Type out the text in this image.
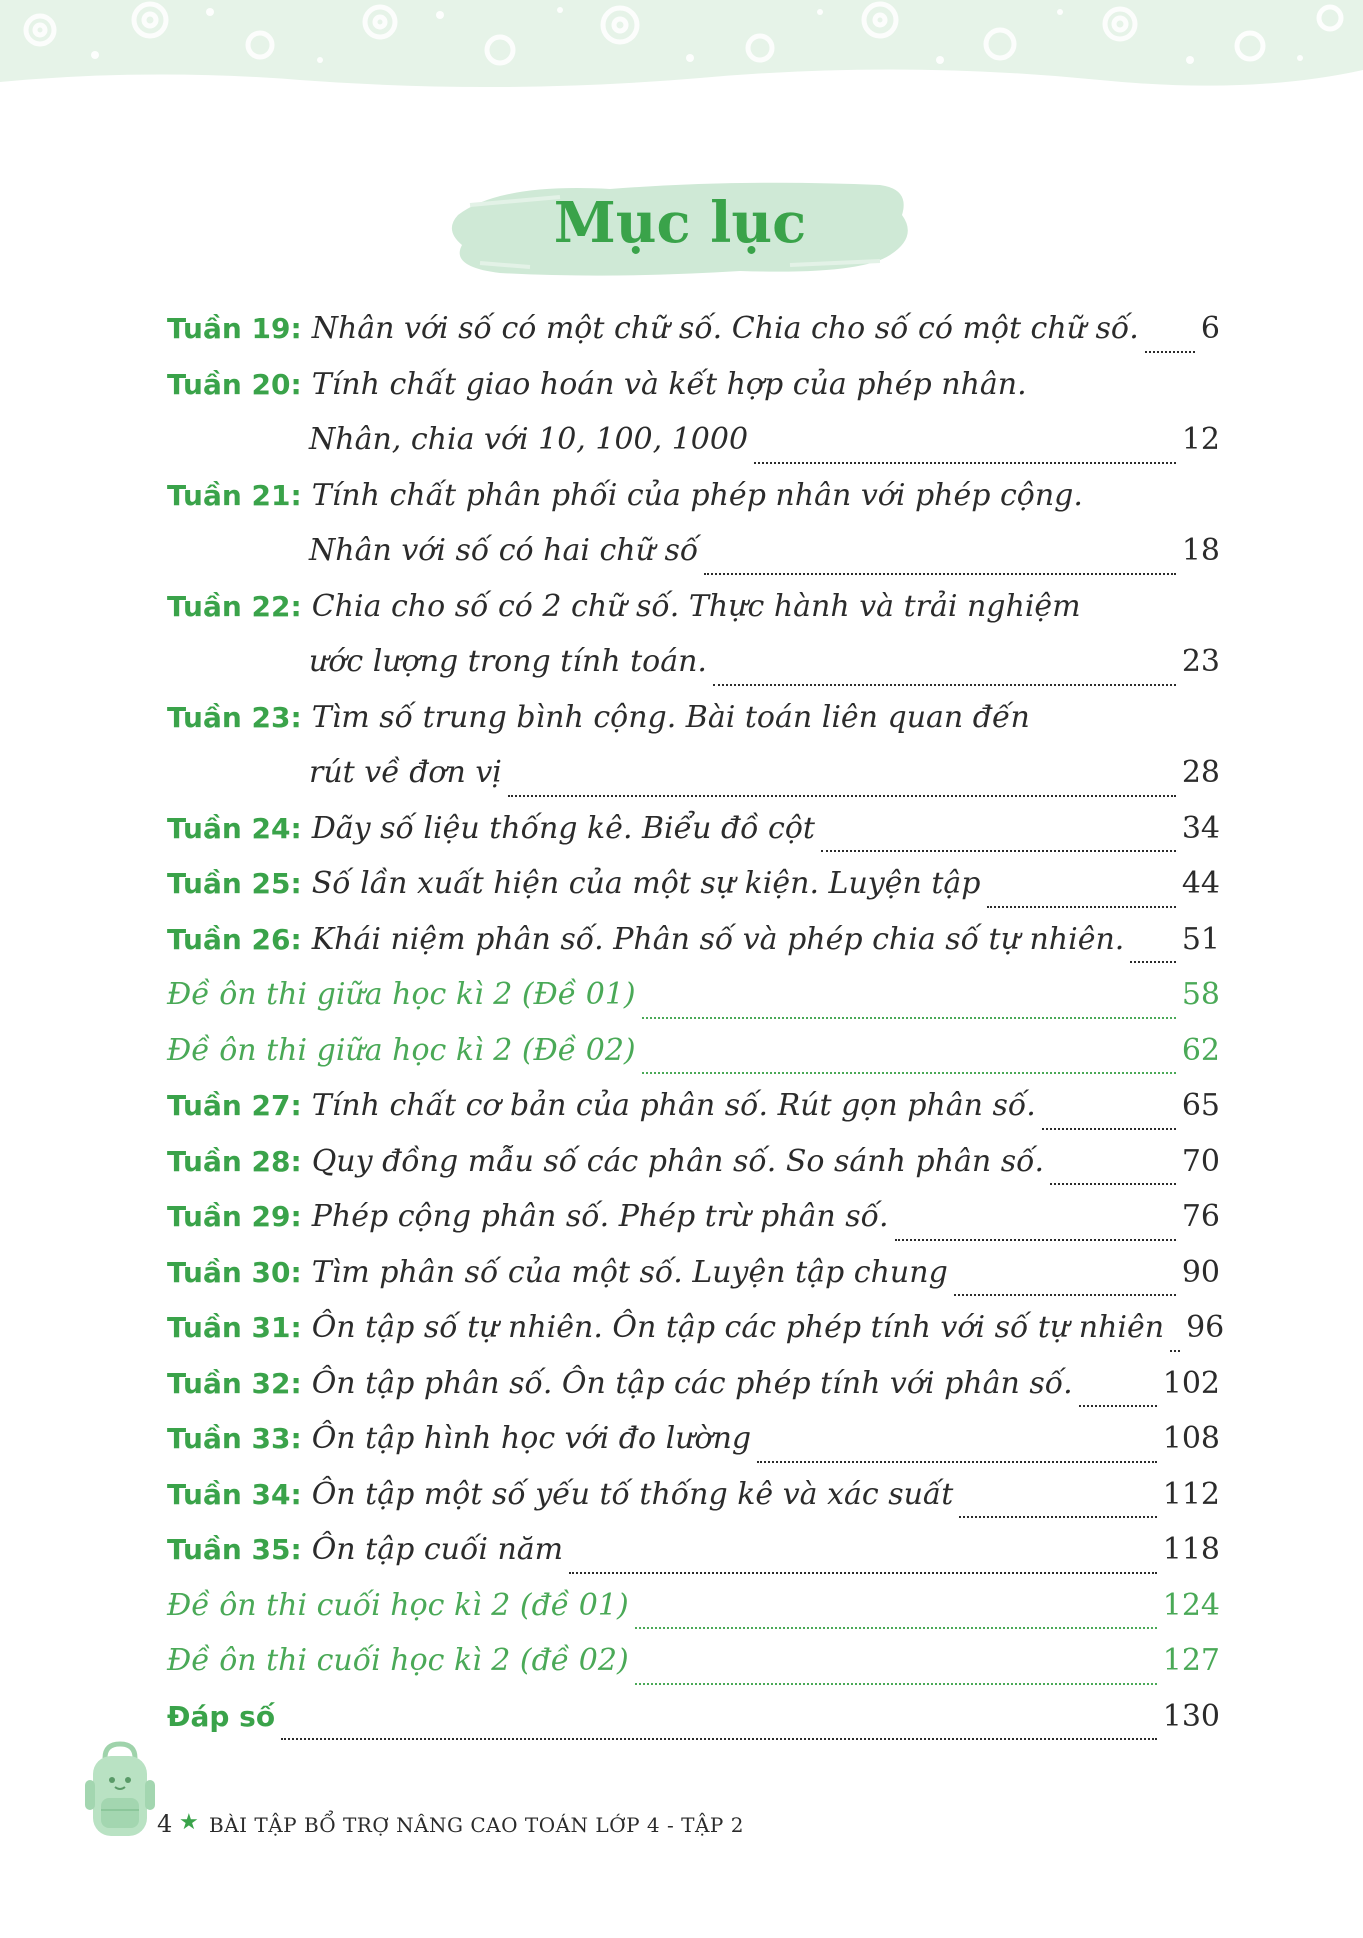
Mục lục
Tuần 19: Nhân với số có một chữ số. Chia cho số có một chữ số. 6
Tuần 20: Tính chất giao hoán và kết hợp của phép nhân.
Nhân, chia với 10, 100, 1000	12
Tuần 21: Tính chất phân phối của phép nhân với phép cộng.
Nhân với số có hai chữ số	18
Tuần 22: Chia cho số có 2 chữ số. Thực hành và trải nghiệm
ước lượng trong tính toán.	23
Tuần 23: Tìm số trung bình cộng. Bài toán liên quan đến
rút về đơn vị	28
Tuần 24: Dãy số liệu thống kê. Biểu đồ cột	34
Tuần 25: Số lần xuất hiện của một sự kiện. Luyện tập	44
Tuần 26: Khái niệm phân số. Phân số và phép chia số tự nhiên. 51
Đề ôn thi giữa học kì 2 (Đề 01)	58
Đề ôn thi giữa học kì 2 (Đề 02)	62
Tuần 27: Tính chất cơ bản của phân số. Rút gọn phân số.	65
Tuần 28: Quy đồng mẫu số các phân số. So sánh phân số.	70
Tuần 29: Phép cộng phân số. Phép trừ phân số.	76
Tuần 30: Tìm phân số của một số. Luyện tập chung	90
Tuần 31: Ôn tập số tự nhiên. Ôn tập các phép tính với số tự nhiên 96
Tuần 32: Ôn tập phân số. Ôn tập các phép tính với phân số.	102
Tuần 33: Ôn tập hình học với đo lường	108
Tuần 34: Ôn tập một số yếu tố thống kê và xác suất	112
Tuần 35: Ôn tập cuối năm	118
Đề ôn thi cuối học kì 2 (đề 01)	124
Đề ôn thi cuối học kì 2 (đề 02)	127
Đáp số	130
4 ★ BÀI TẬP BỔ TRỢ NÂNG CAO TOÁN LỚP 4 - TẬP 2
